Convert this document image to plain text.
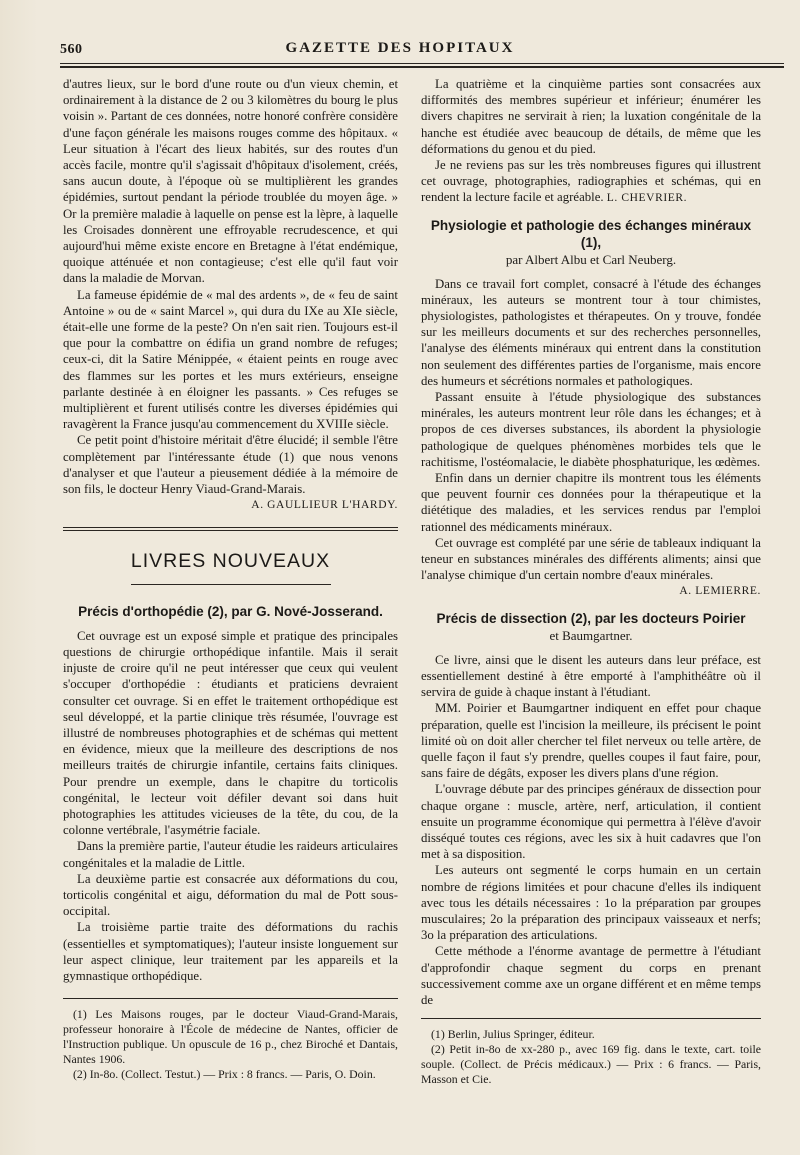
560	GAZETTE DES HOPITAUX

d'autres lieux, sur le bord d'une route ou d'un vieux chemin, et ordinairement à la distance de 2 ou 3 kilomètres du bourg le plus voisin ». Partant de ces données, notre honoré confrère considère d'une façon générale les maisons rouges comme des hôpitaux. « Leur situation à l'écart des lieux habités, sur des routes d'un accès facile, montre qu'il s'agissait d'hôpitaux d'isolement, créés, sans aucun doute, à l'époque où se multiplièrent les grandes épidémies, surtout pendant la période troublée du moyen âge. » Or la première maladie à laquelle on pense est la lèpre, à laquelle les Croisades donnèrent une effroyable recrudescence, et qui aujourd'hui même existe encore en Bretagne à l'état endémique, quoique atténuée et non contagieuse; c'est elle qu'il faut voir dans la maladie de Morvan.

La fameuse épidémie de « mal des ardents », de « feu de saint Antoine » ou de « saint Marcel », qui dura du IXe au XIe siècle, était-elle une forme de la peste? On n'en sait rien. Toujours est-il que pour la combattre on édifia un grand nombre de refuges; ceux-ci, dit la Satire Ménippée, « étaient peints en rouge avec des flammes sur les portes et les murs extérieurs, enseigne parlante destinée à en éloigner les passants. » Ces refuges se multiplièrent et furent utilisés contre les diverses épidémies qui ravagèrent la France jusqu'au commencement du XVIIIe siècle.

Ce petit point d'histoire méritait d'être élucidé; il semble l'être complètement par l'intéressante étude (1) que nous venons d'analyser et que l'auteur a pieusement dédiée à la mémoire de son fils, le docteur Henry Viaud-Grand-Marais.

A. GAULLIEUR L'HARDY.

LIVRES NOUVEAUX
Précis d'orthopédie (2), par G. Nové-Josserand.

Cet ouvrage est un exposé simple et pratique des principales questions de chirurgie orthopédique infantile. Mais il serait injuste de croire qu'il ne peut intéresser que ceux qui veulent s'occuper d'orthopédie : étudiants et praticiens devraient consulter cet ouvrage. Si en effet le traitement orthopédique est seul développé, et la partie clinique très résumée, l'ouvrage est illustré de nombreuses photographies et de schémas qui mettent en évidence, mieux que la meilleure des descriptions de nos meilleurs traités de chirurgie infantile, certains faits cliniques. Pour prendre un exemple, dans le chapitre du torticolis congénital, le lecteur voit défiler devant soi dans huit photographies les attitudes vicieuses de la tête, du cou, de la colonne vertébrale, l'asymétrie faciale.

Dans la première partie, l'auteur étudie les raideurs articulaires congénitales et la maladie de Little.

La deuxième partie est consacrée aux déformations du cou, torticolis congénital et aigu, déformation du mal de Pott sous-occipital.

La troisième partie traite des déformations du rachis (essentielles et symptomatiques); l'auteur insiste longuement sur leur aspect clinique, leur traitement par les appareils et la gymnastique orthopédique.

(1) Les Maisons rouges, par le docteur Viaud-Grand-Marais, professeur honoraire à l'École de médecine de Nantes, officier de l'Instruction publique. Un opuscule de 16 p., chez Biroché et Dantais, Nantes 1906.

(2) In-8o. (Collect. Testut.) — Prix : 8 francs. — Paris, O. Doin.

La quatrième et la cinquième parties sont consacrées aux difformités des membres supérieur et inférieur; énumérer les divers chapitres ne servirait à rien; la luxation congénitale de la hanche est étudiée avec beaucoup de détails, de même que les déformations du genou et du pied.

Je ne reviens pas sur les très nombreuses figures qui illustrent cet ouvrage, photographies, radiographies et schémas, qui en rendent la lecture facile et agréable. L. CHEVRIER.

Physiologie et pathologie des échanges minéraux (1),
par Albert Albu et Carl Neuberg.

Dans ce travail fort complet, consacré à l'étude des échanges minéraux, les auteurs se montrent tour à tour chimistes, physiologistes, pathologistes et thérapeutes. On y trouve, fondée sur les meilleurs documents et sur des recherches personnelles, l'analyse des éléments minéraux qui entrent dans la constitution non seulement des différentes parties de l'organisme, mais encore des humeurs et sécrétions normales et pathologiques.

Passant ensuite à l'étude physiologique des substances minérales, les auteurs montrent leur rôle dans les échanges; et à propos de ces diverses substances, ils abordent la physiologie pathologique de quelques phénomènes morbides tels que le rachitisme, l'ostéomalacie, le diabète phosphaturique, les œdèmes.

Enfin dans un dernier chapitre ils montrent tous les éléments que peuvent fournir ces données pour la thérapeutique et la diététique des maladies, et les services rendus par l'emploi rationnel des médicaments minéraux.

Cet ouvrage est complété par une série de tableaux indiquant la teneur en substances minérales des différents aliments; ainsi que l'analyse chimique d'un certain nombre d'eaux minérales.

A. LEMIERRE.

Précis de dissection (2), par les docteurs Poirier
et Baumgartner.

Ce livre, ainsi que le disent les auteurs dans leur préface, est essentiellement destiné à être emporté à l'amphithéâtre où il servira de guide à chaque instant à l'étudiant.

MM. Poirier et Baumgartner indiquent en effet pour chaque préparation, quelle est l'incision la meilleure, ils précisent le point limité où on doit aller chercher tel filet nerveux ou telle artère, de quelle façon il faut s'y prendre, quelles coupes il faut faire, pour, sans faire de dégâts, exposer les divers plans d'une région.

L'ouvrage débute par des principes généraux de dissection pour chaque organe : muscle, artère, nerf, articulation, il contient ensuite un programme économique qui permettra à l'élève d'avoir disséqué toutes ces régions, avec les six à huit cadavres que l'on met à sa disposition.

Les auteurs ont segmenté le corps humain en un certain nombre de régions limitées et pour chacune d'elles ils indiquent avec tous les détails nécessaires : 1o la préparation par groupes musculaires; 2o la préparation des principaux vaisseaux et nerfs; 3o la préparation des articulations.

Cette méthode a l'énorme avantage de permettre à l'étudiant d'approfondir chaque segment du corps en prenant successivement comme axe un organe différent et en même temps de

(1) Berlin, Julius Springer, éditeur.

(2) Petit in-8o de xx-280 p., avec 169 fig. dans le texte, cart. toile souple. (Collect. de Précis médicaux.) — Prix : 6 francs. — Paris, Masson et Cie.
